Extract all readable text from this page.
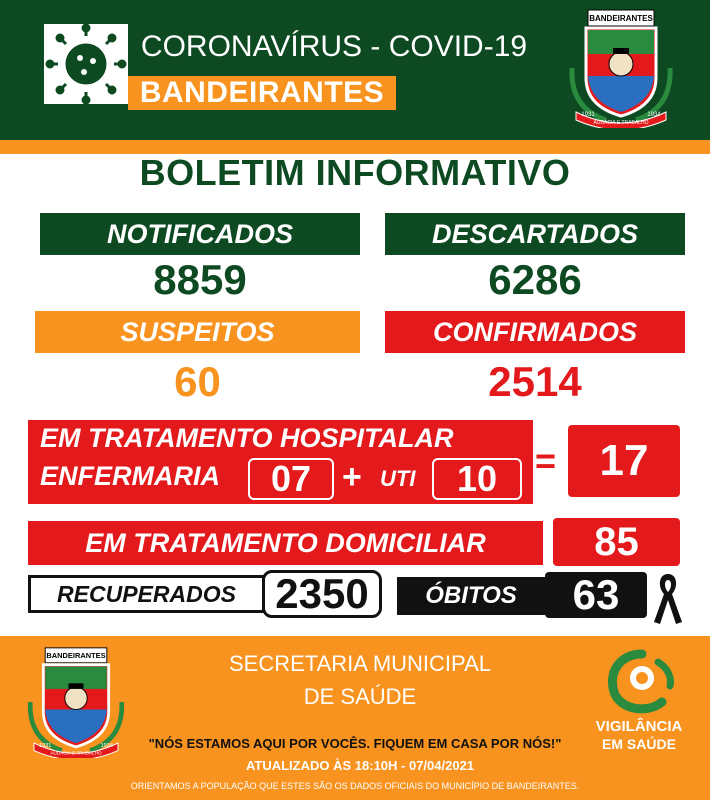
CORONAVÍRUS - COVID-19
BANDEIRANTES
BANDEIRANTES
AUDÁCIA E TRABALHO
1931	1934
BOLETIM INFORMATIVO
NOTIFICADOS
8859
DESCARTADOS
6286
SUSPEITOS
60
CONFIRMADOS
2514
EM TRATAMENTO HOSPITALAR
ENFERMARIA	07 + UTI	10	= 17
EM TRATAMENTO DOMICILIAR	85
RECUPERADOS 2350	ÓBITOS	63
BANDEIRANTES
AUDÁCIA E TRABALHO
1931	1934
SECRETARIA MUNICIPAL
DE SAÚDE
"NÓS ESTAMOS AQUI POR VOCÊS. FIQUEM EM CASA POR NÓS!"
ATUALIZADO ÀS 18:10H - 07/04/2021
ORIENTAMOS A POPULAÇÃO QUE ESTES SÃO OS DADOS OFICIAIS DO MUNICÍPIO DE BANDEIRANTES.
VIGILÂNCIA
EM SAÚDE
